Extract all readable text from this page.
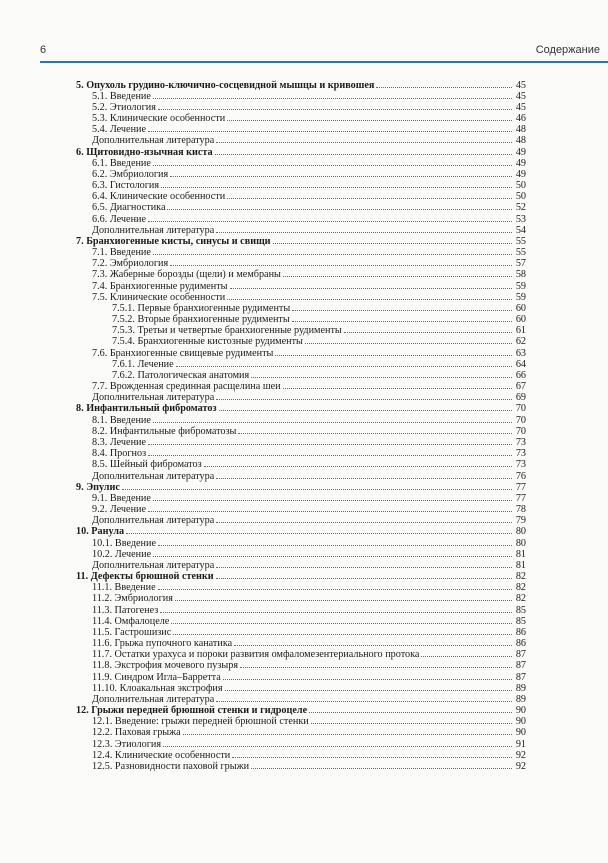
6	Содержание
5. Опухоль грудино-ключично-сосцевидной мышцы и кривошея	45
5.1. Введение	45
5.2. Этиология	45
5.3. Клинические особенности	46
5.4. Лечение	48
Дополнительная литература	48
6. Щитовидно-язычная киста	49
6.1. Введение	49
6.2. Эмбриология	49
6.3. Гистология	50
6.4. Клинические особенности	50
6.5. Диагностика	52
6.6. Лечение	53
Дополнительная литература	54
7. Бранхиогенные кисты, синусы и свищи	55
7.1. Введение	55
7.2. Эмбриология	57
7.3. Жаберные борозды (щели) и мембраны	58
7.4. Бранхиогенные рудименты	59
7.5. Клинические особенности	59
7.5.1. Первые бранхиогенные рудименты	60
7.5.2. Вторые бранхиогенные рудименты	60
7.5.3. Третьи и четвертые бранхиогенные рудименты	61
7.5.4. Бранхиогенные кистозные рудименты	62
7.6. Бранхиогенные свищевые рудименты	63
7.6.1. Лечение	64
7.6.2. Патологическая анатомия	66
7.7. Врожденная срединная расщелина шеи	67
Дополнительная литература	69
8. Инфантильный фиброматоз	70
8.1. Введение	70
8.2. Инфантильные фиброматозы	70
8.3. Лечение	73
8.4. Прогноз	73
8.5. Шейный фиброматоз	73
Дополнительная литература	76
9. Эпулис	77
9.1. Введение	77
9.2. Лечение	78
Дополнительная литература	79
10. Ранула	80
10.1. Введение	80
10.2. Лечение	81
Дополнительная литература	81
11. Дефекты брюшной стенки	82
11.1. Введение	82
11.2. Эмбриология	82
11.3. Патогенез	85
11.4. Омфалоцеле	85
11.5. Гастрошизис	86
11.6. Грыжа пупочного канатика	86
11.7. Остатки урахуса и пороки развития омфаломезентериального протока	87
11.8. Экстрофия мочевого пузыря	87
11.9. Синдром Игла–Барретта	87
11.10. Клоакальная экстрофия	89
Дополнительная литература	89
12. Грыжи передней брюшной стенки и гидроцеле	90
12.1. Введение: грыжи передней брюшной стенки	90
12.2. Паховая грыжа	90
12.3. Этиология	91
12.4. Клинические особенности	92
12.5. Разновидности паховой грыжи	92
